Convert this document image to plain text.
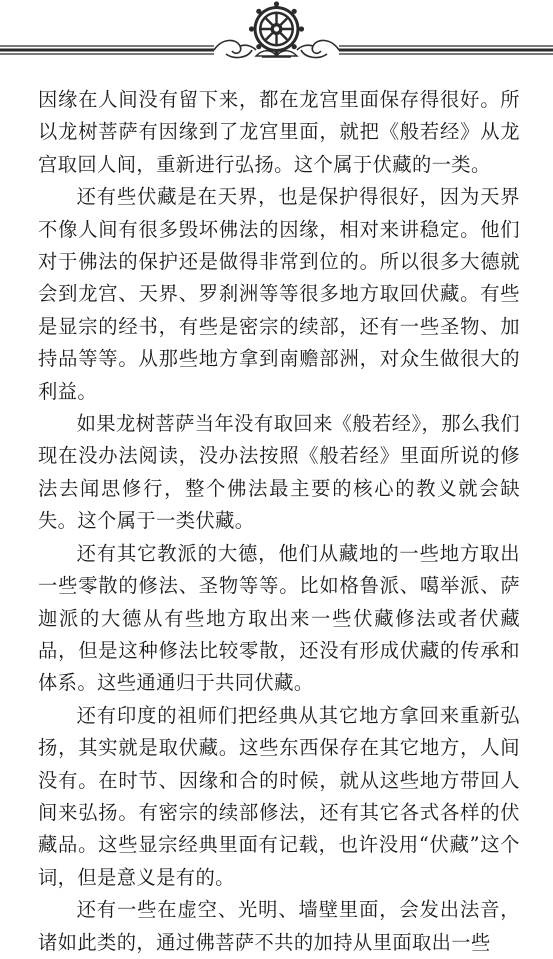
因缘在人间没有留下来，都在龙宫里面保存得很好。所以龙树菩萨有因缘到了龙宫里面，就把《般若经》从龙宫取回人间，重新进行弘扬。这个属于伏藏的一类。

还有些伏藏是在天界，也是保护得很好，因为天界不像人间有很多毁坏佛法的因缘，相对来讲稳定。他们对于佛法的保护还是做得非常到位的。所以很多大德就会到龙宫、天界、罗刹洲等等很多地方取回伏藏。有些是显宗的经书，有些是密宗的续部，还有一些圣物、加持品等等。从那些地方拿到南赡部洲，对众生做很大的利益。

如果龙树菩萨当年没有取回来《般若经》，那么我们现在没办法阅读，没办法按照《般若经》里面所说的修法去闻思修行，整个佛法最主要的核心的教义就会缺失。这个属于一类伏藏。

还有其它教派的大德，他们从藏地的一些地方取出一些零散的修法、圣物等等。比如格鲁派、噶举派、萨迦派的大德从有些地方取出来一些伏藏修法或者伏藏品，但是这种修法比较零散，还没有形成伏藏的传承和体系。这些通通归于共同伏藏。

还有印度的祖师们把经典从其它地方拿回来重新弘扬，其实就是取伏藏。这些东西保存在其它地方，人间没有。在时节、因缘和合的时候，就从这些地方带回人间来弘扬。有密宗的续部修法，还有其它各式各样的伏藏品。这些显宗经典里面有记载，也许没用“伏藏”这个词，但是意义是有的。

还有一些在虚空、光明、墙壁里面，会发出法音，诸如此类的，通过佛菩萨不共的加持从里面取出一些
